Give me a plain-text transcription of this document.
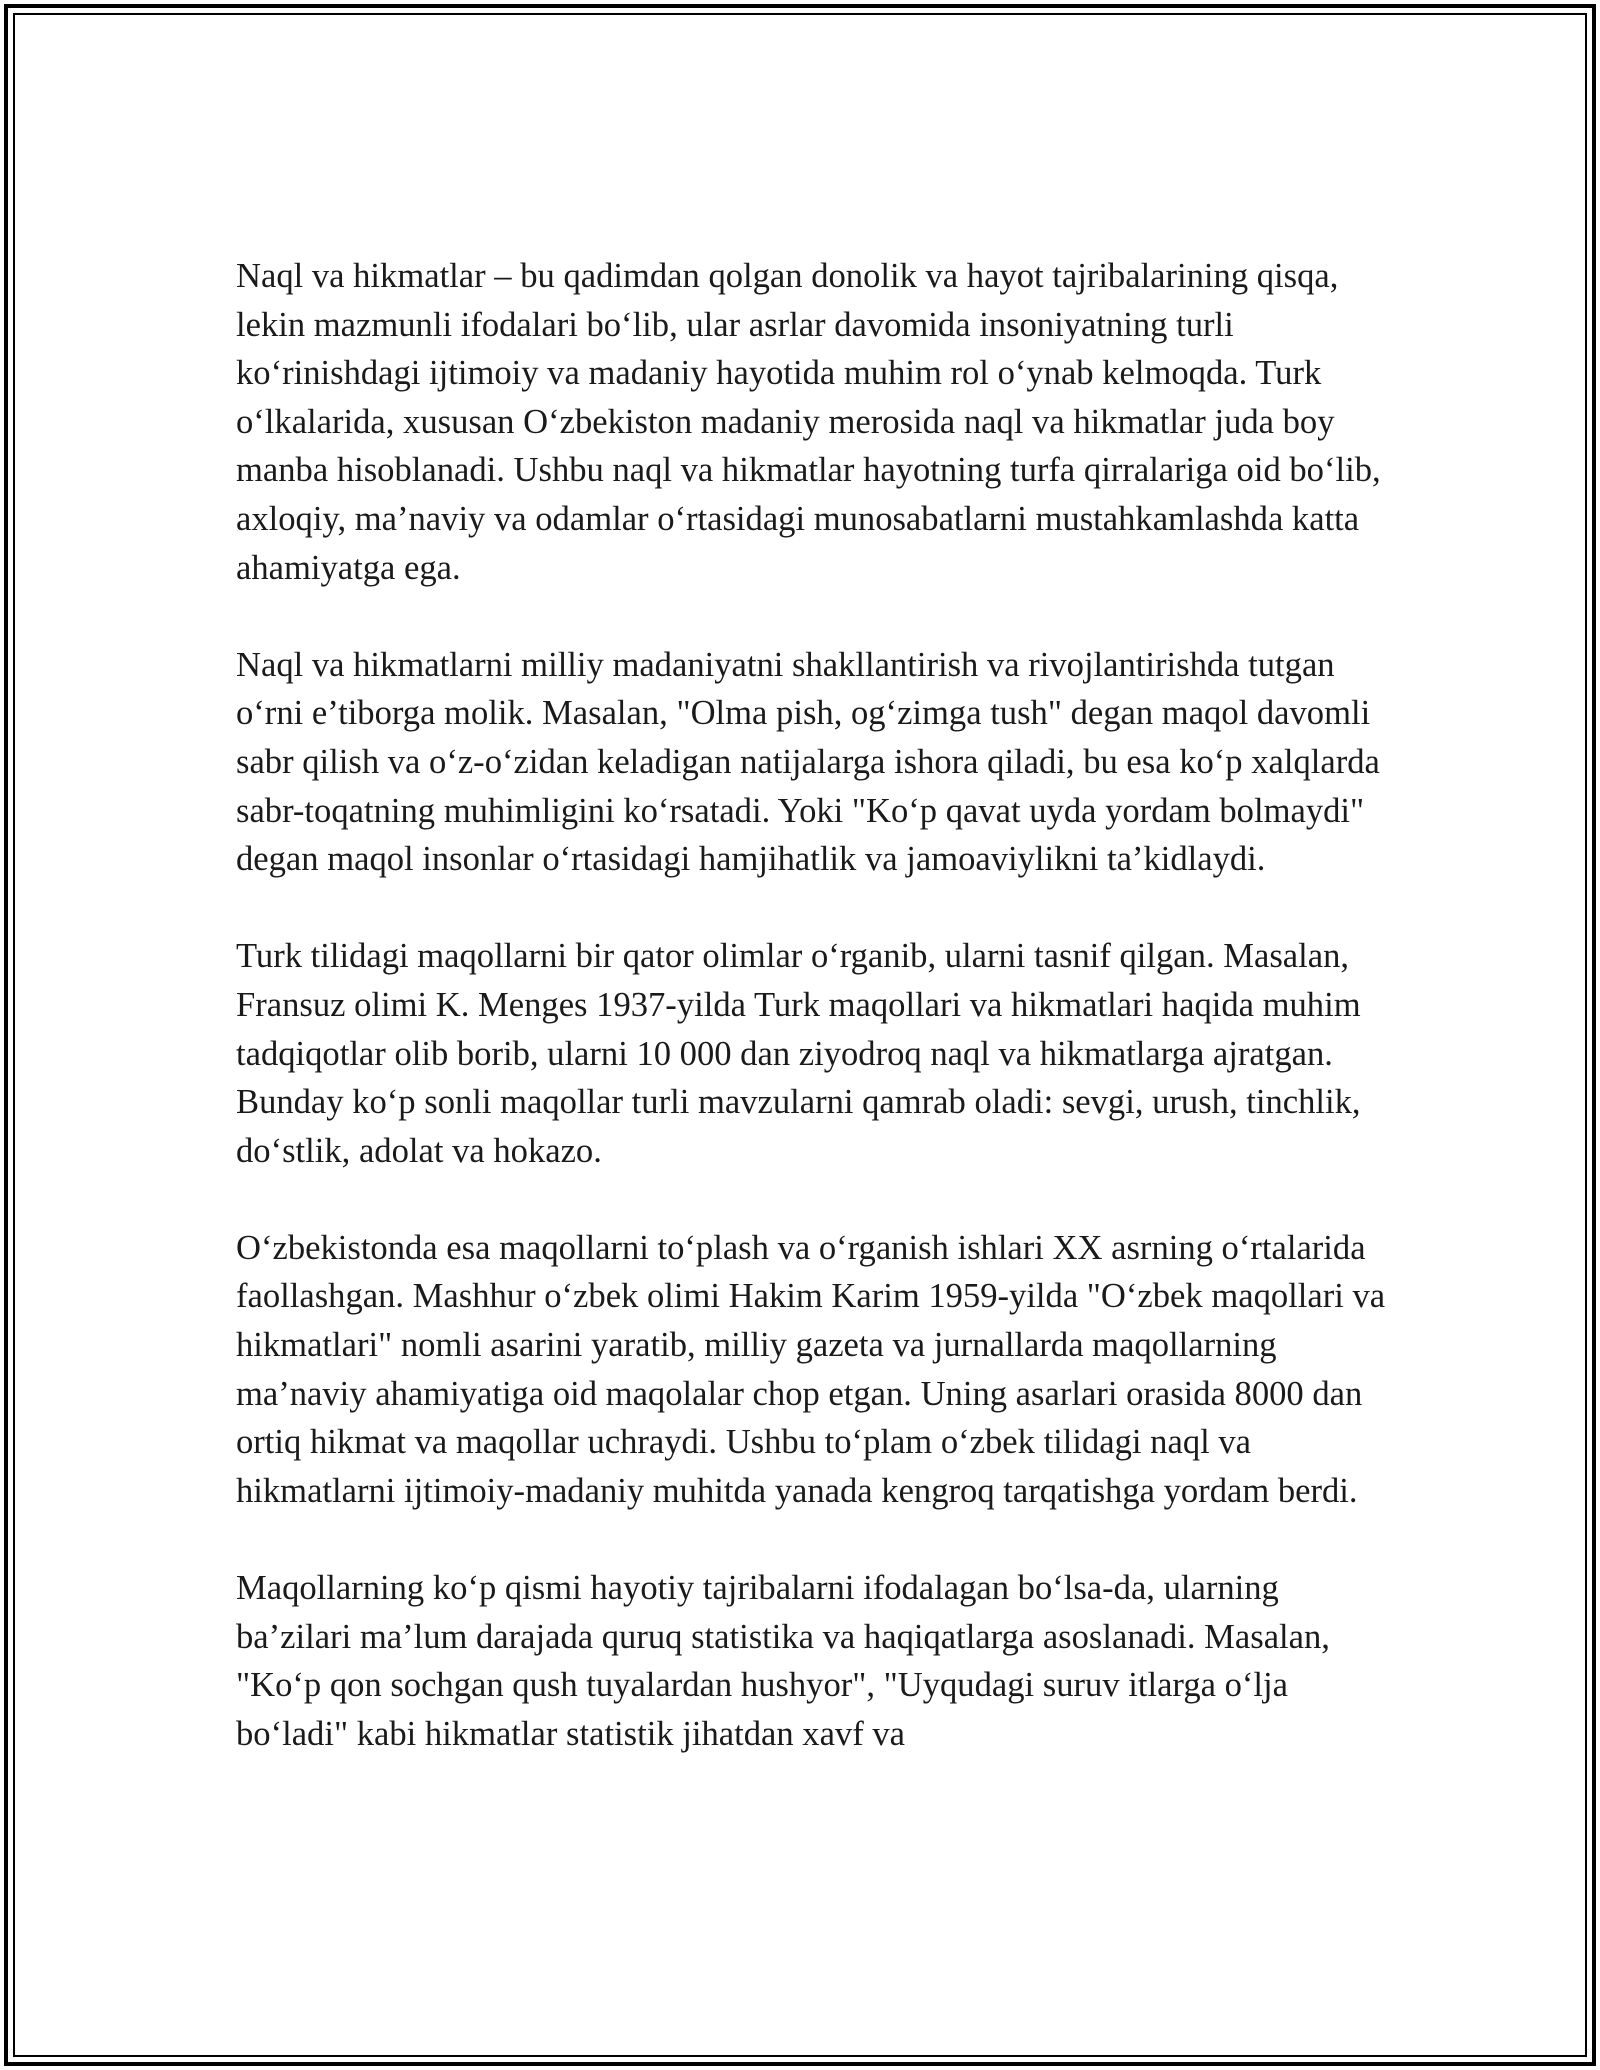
Naql va hikmatlar – bu qadimdan qolgan donolik va hayot tajribalarining qisqa, lekin mazmunli ifodalari bo‘lib, ular asrlar davomida insoniyatning turli ko‘rinishdagi ijtimoiy va madaniy hayotida muhim rol o‘ynab kelmoqda. Turk o‘lkalarida, xususan O‘zbekiston madaniy merosida naql va hikmatlar juda boy manba hisoblanadi. Ushbu naql va hikmatlar hayotning turfa qirralariga oid bo‘lib, axloqiy, ma’naviy va odamlar o‘rtasidagi munosabatlarni mustahkamlashda katta ahamiyatga ega.

Naql va hikmatlarni milliy madaniyatni shakllantirish va rivojlantirishda tutgan o‘rni e’tiborga molik. Masalan, "Olma pish, og‘zimga tush" degan maqol davomli sabr qilish va o‘z-o‘zidan keladigan natijalarga ishora qiladi, bu esa ko‘p xalqlarda sabr-toqatning muhimligini ko‘rsatadi. Yoki "Ko‘p qavat uyda yordam bolmaydi" degan maqol insonlar o‘rtasidagi hamjihatlik va jamoaviylikni ta’kidlaydi.

Turk tilidagi maqollarni bir qator olimlar o‘rganib, ularni tasnif qilgan. Masalan, Fransuz olimi K. Menges 1937-yilda Turk maqollari va hikmatlari haqida muhim tadqiqotlar olib borib, ularni 10 000 dan ziyodroq naql va hikmatlarga ajratgan. Bunday ko‘p sonli maqollar turli mavzularni qamrab oladi: sevgi, urush, tinchlik, do‘stlik, adolat va hokazo.

O‘zbekistonda esa maqollarni to‘plash va o‘rganish ishlari XX asrning o‘rtalarida faollashgan. Mashhur o‘zbek olimi Hakim Karim 1959-yilda "O‘zbek maqollari va hikmatlari" nomli asarini yaratib, milliy gazeta va jurnallarda maqollarning ma’naviy ahamiyatiga oid maqolalar chop etgan. Uning asarlari orasida 8000 dan ortiq hikmat va maqollar uchraydi. Ushbu to‘plam o‘zbek tilidagi naql va hikmatlarni ijtimoiy-madaniy muhitda yanada kengroq tarqatishga yordam berdi.

Maqollarning ko‘p qismi hayotiy tajribalarni ifodalagan bo‘lsa-da, ularning ba’zilari ma’lum darajada quruq statistika va haqiqatlarga asoslanadi. Masalan, "Ko‘p qon sochgan qush tuyalardan hushyor", "Uyqudagi suruv itlarga o‘lja bo‘ladi" kabi hikmatlar statistik jihatdan xavf va
